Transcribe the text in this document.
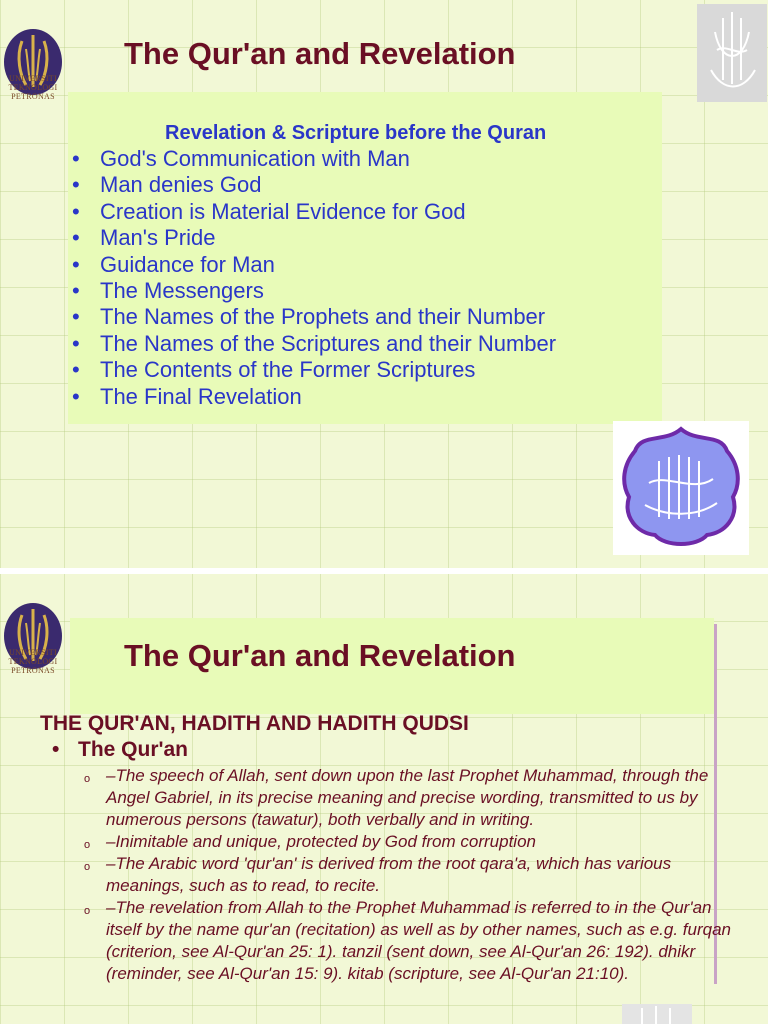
UNIVERSITI
TEKNOLOGI
PETRONAS
The Qur'an and Revelation
Revelation & Scripture before the Quran
• God's Communication with Man
• Man denies God
• Creation is Material Evidence for God
• Man's Pride
• Guidance for Man
• The Messengers
• The Names of the Prophets and their Number
• The Names of the Scriptures and their Number
• The Contents of the Former Scriptures
• The Final Revelation
UNIVERSITI
TEKNOLOGI
PETRONAS	The Qur'an and Revelation
THE QUR'AN, HADITH AND HADITH QUDSI
• The Qur'an
o –The speech of Allah, sent down upon the last Prophet Muhammad, through the Angel Gabriel, in its precise meaning and precise wording, transmitted to us by numerous persons (tawatur), both verbally and in writing.
o –Inimitable and unique, protected by God from corruption
o –The Arabic word 'qur'an' is derived from the root qara'a, which has various meanings, such as to read, to recite.
o –The revelation from Allah to the Prophet Muhammad is referred to in the Qur'an itself by the name qur'an (recitation) as well as by other names, such as e.g. furqan (criterion, see Al-Qur'an 25: 1). tanzil (sent down, see Al-Qur'an 26: 192). dhikr (reminder, see Al-Qur'an 15: 9). kitab (scripture, see Al-Qur'an 21:10).
